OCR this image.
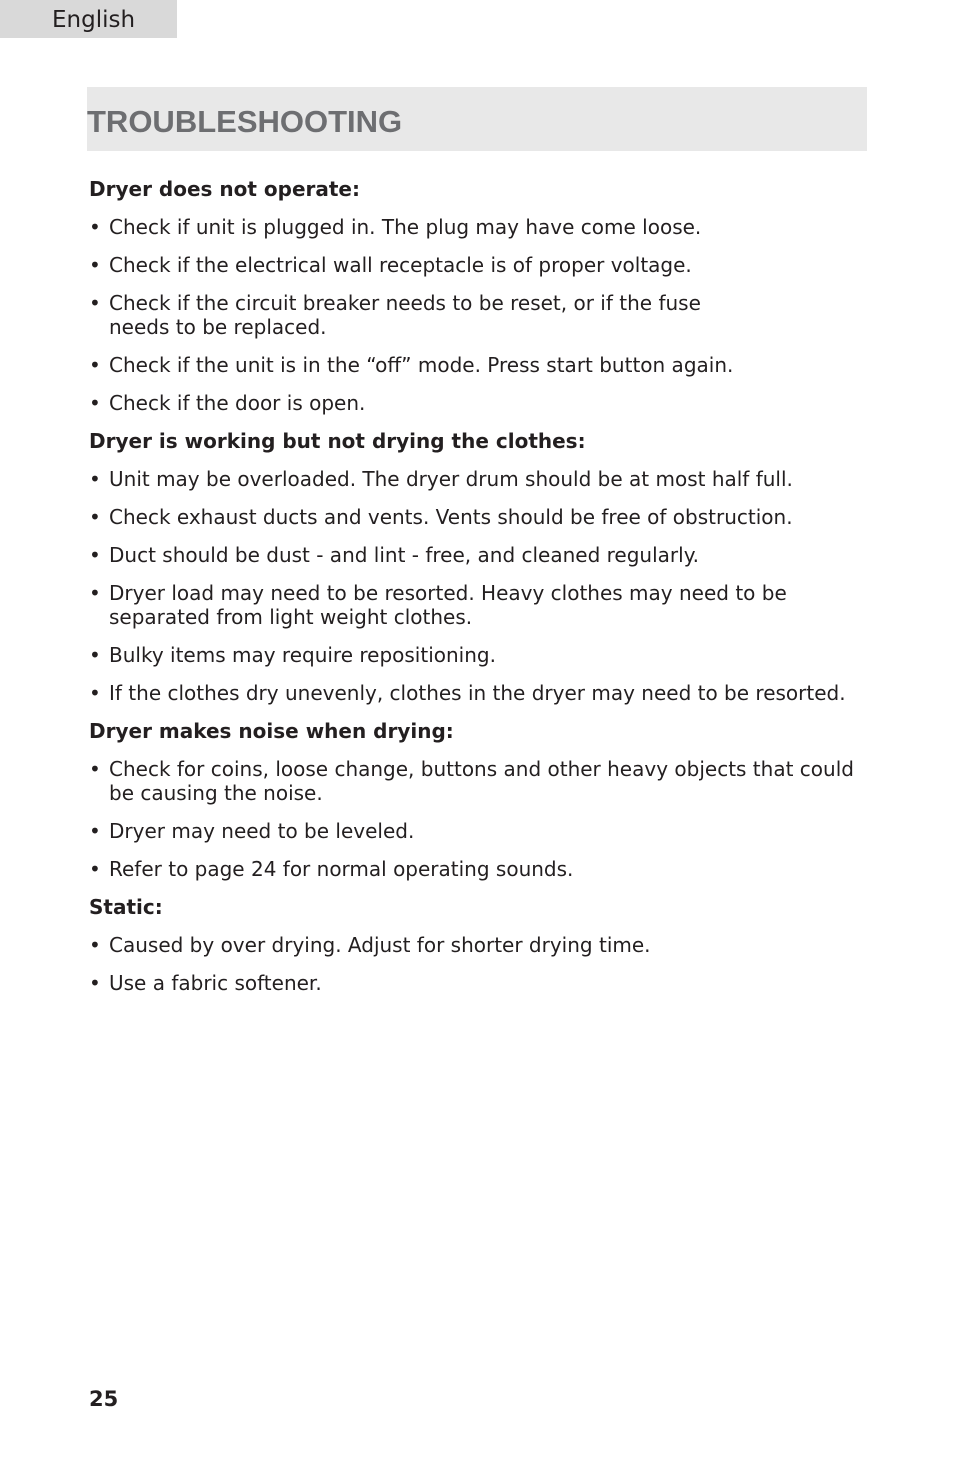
English
TROUBLESHOOTING
Dryer does not operate:
• Check if unit is plugged in. The plug may have come loose.
• Check if the electrical wall receptacle is of proper voltage.
• Check if the circuit breaker needs to be reset, or if the fuse needs to be replaced.
• Check if the unit is in the “off” mode. Press start button again.
• Check if the door is open.
Dryer is working but not drying the clothes:
• Unit may be overloaded. The dryer drum should be at most half full.
• Check exhaust ducts and vents. Vents should be free of obstruction.
• Duct should be dust - and lint - free, and cleaned regularly.
• Dryer load may need to be resorted. Heavy clothes may need to be separated from light weight clothes.
• Bulky items may require repositioning.
• If the clothes dry unevenly, clothes in the dryer may need to be resorted.
Dryer makes noise when drying:
• Check for coins, loose change, buttons and other heavy objects that could be causing the noise.
• Dryer may need to be leveled.
• Refer to page 24 for normal operating sounds.
Static:
• Caused by over drying. Adjust for shorter drying time.
• Use a fabric softener.
25
